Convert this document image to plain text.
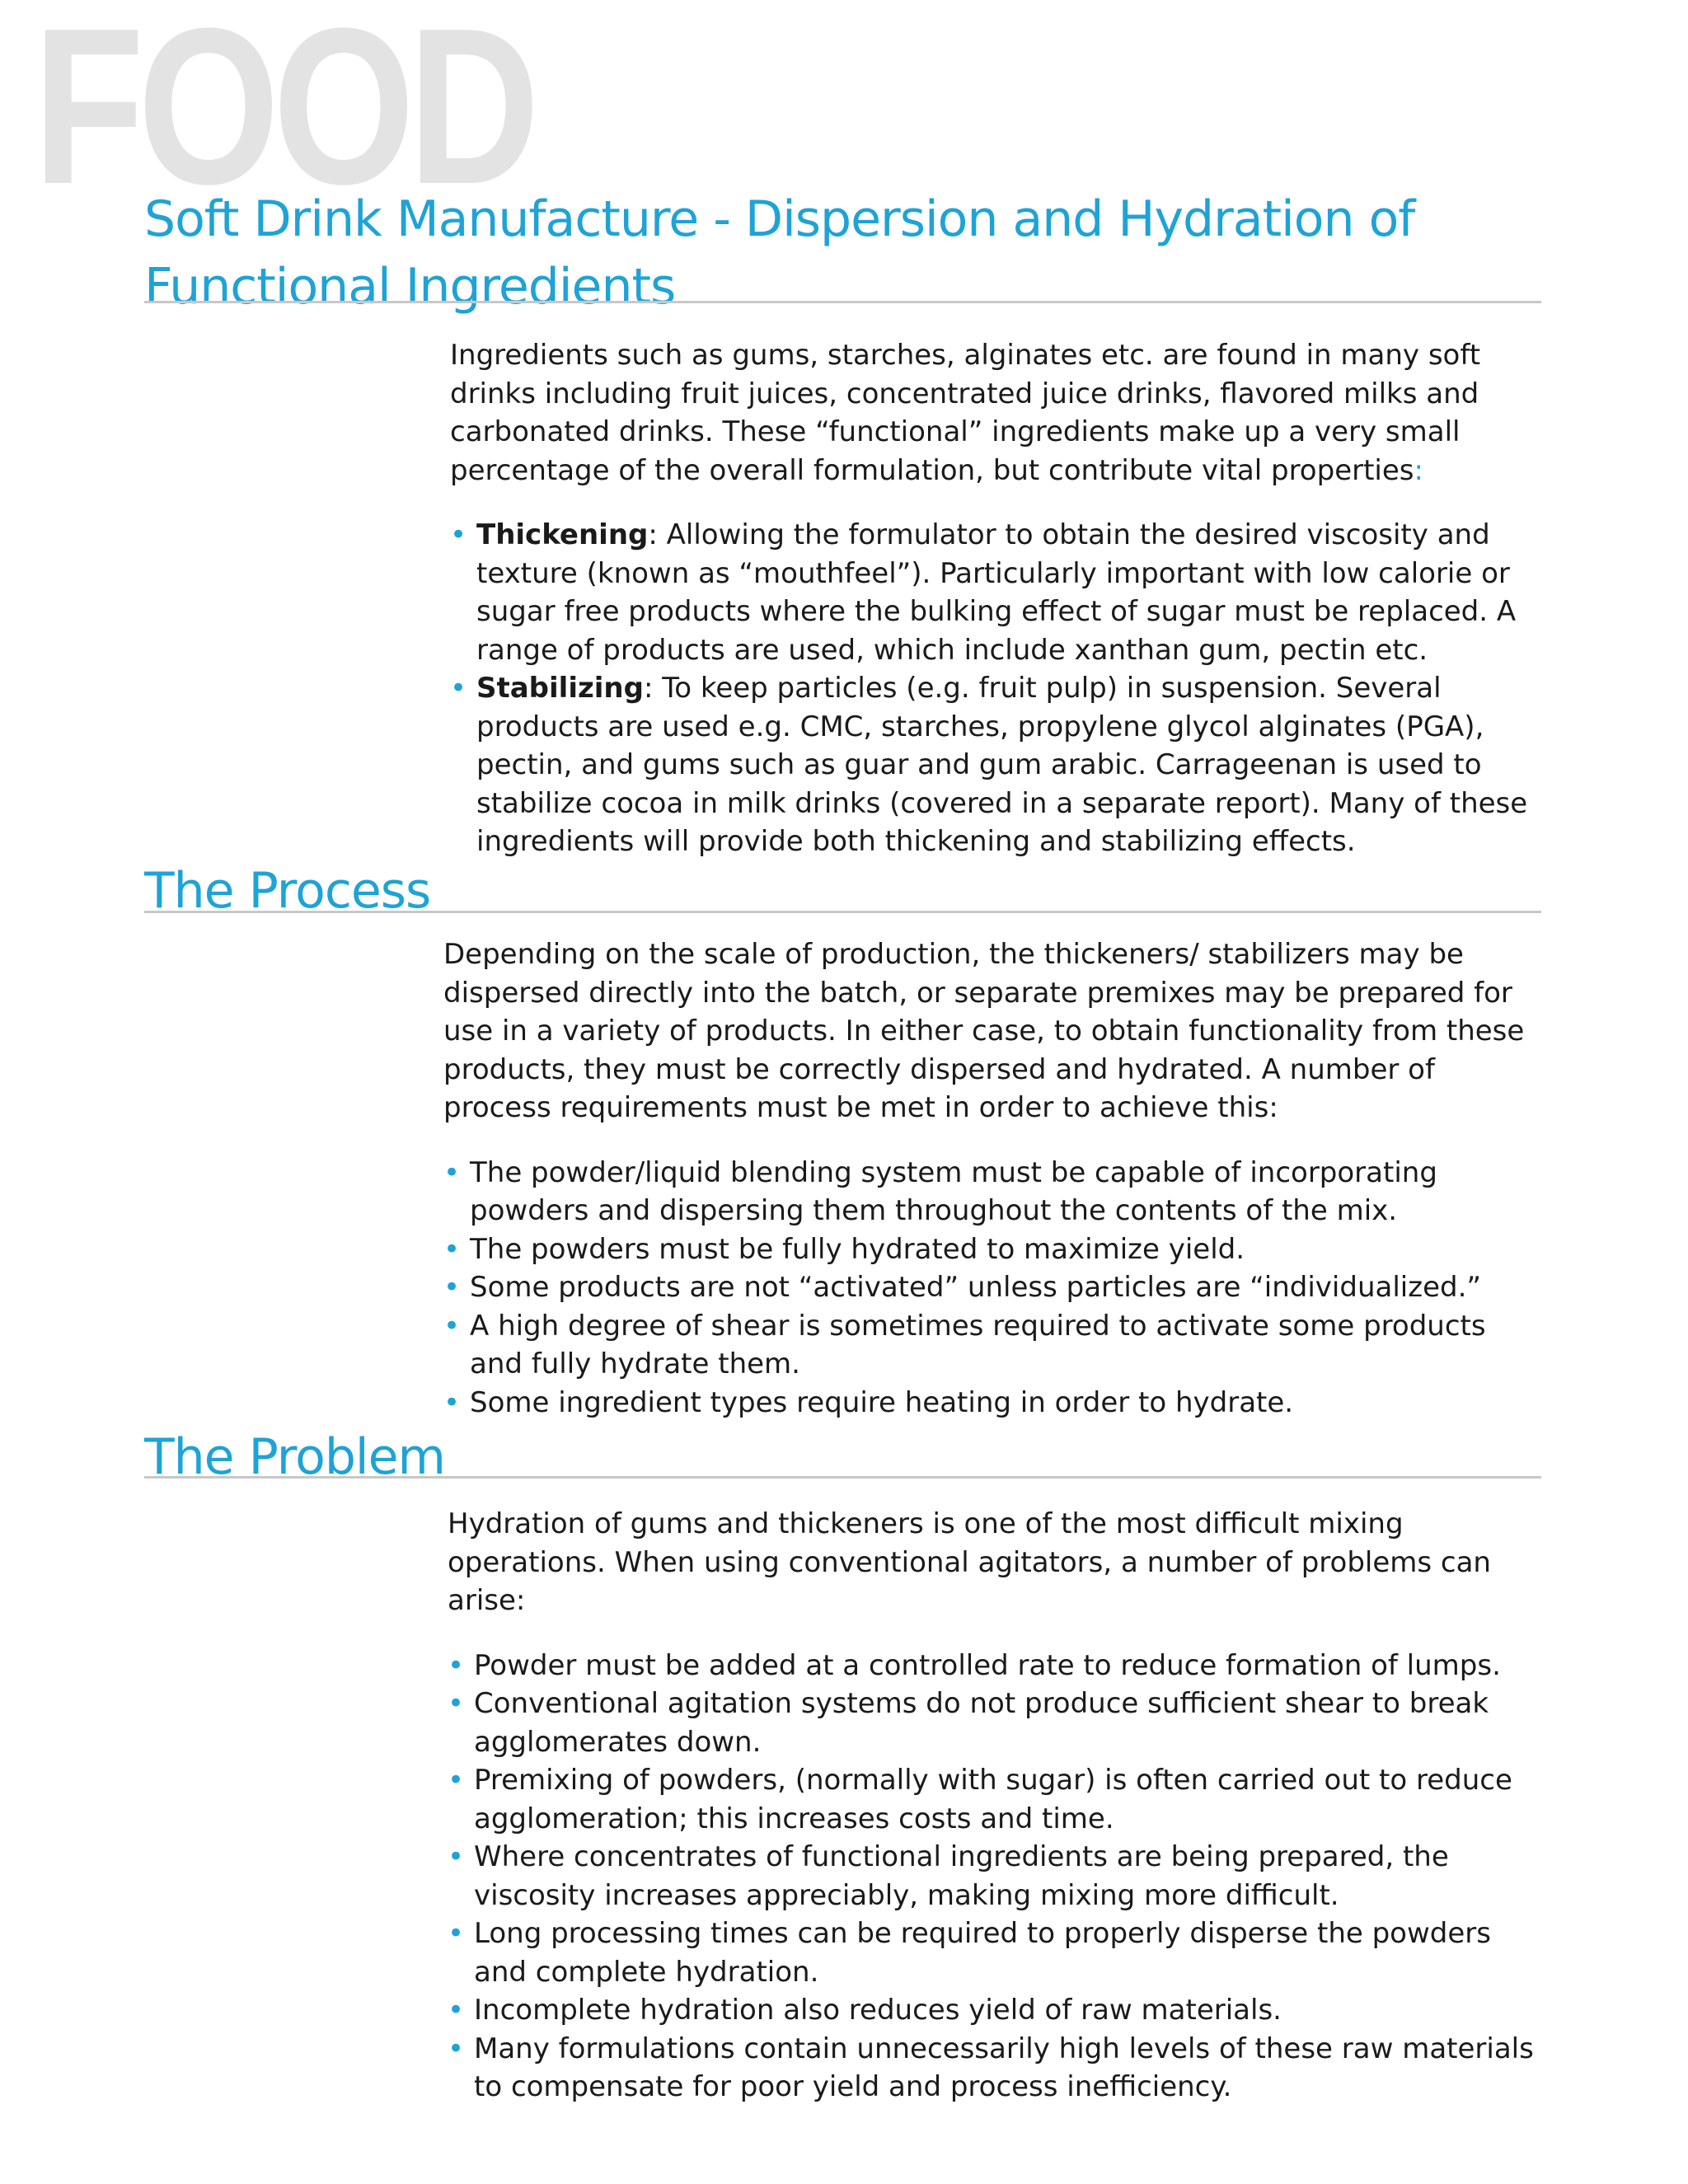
FOOD
Soft Drink Manufacture - Dispersion and Hydration of
Functional Ingredients

Ingredients such as gums, starches, alginates etc. are found in many soft drinks including fruit juices, concentrated juice drinks, flavored milks and carbonated drinks. These “functional” ingredients make up a very small percentage of the overall formulation, but contribute vital properties:

• Thickening: Allowing the formulator to obtain the desired viscosity and texture (known as “mouthfeel”). Particularly important with low calorie or sugar free products where the bulking effect of sugar must be replaced. A range of products are used, which include xanthan gum, pectin etc.
• Stabilizing: To keep particles (e.g. fruit pulp) in suspension. Several products are used e.g. CMC, starches, propylene glycol alginates (PGA), pectin, and gums such as guar and gum arabic. Carrageenan is used to stabilize cocoa in milk drinks (covered in a separate report). Many of these ingredients will provide both thickening and stabilizing effects.
The Process

Depending on the scale of production, the thickeners/ stabilizers may be dispersed directly into the batch, or separate premixes may be prepared for use in a variety of products. In either case, to obtain functionality from these products, they must be correctly dispersed and hydrated. A number of process requirements must be met in order to achieve this:

• The powder/liquid blending system must be capable of incorporating powders and dispersing them throughout the contents of the mix.
• The powders must be fully hydrated to maximize yield.
• Some products are not “activated” unless particles are “individualized.”
• A high degree of shear is sometimes required to activate some products and fully hydrate them.
• Some ingredient types require heating in order to hydrate.
The Problem

Hydration of gums and thickeners is one of the most difficult mixing operations. When using conventional agitators, a number of problems can arise:

• Powder must be added at a controlled rate to reduce formation of lumps.
• Conventional agitation systems do not produce sufficient shear to break agglomerates down.
• Premixing of powders, (normally with sugar) is often carried out to reduce agglomeration; this increases costs and time.
• Where concentrates of functional ingredients are being prepared, the viscosity increases appreciably, making mixing more difficult.
• Long processing times can be required to properly disperse the powders and complete hydration.
• Incomplete hydration also reduces yield of raw materials.
• Many formulations contain unnecessarily high levels of these raw materials to compensate for poor yield and process inefficiency.
